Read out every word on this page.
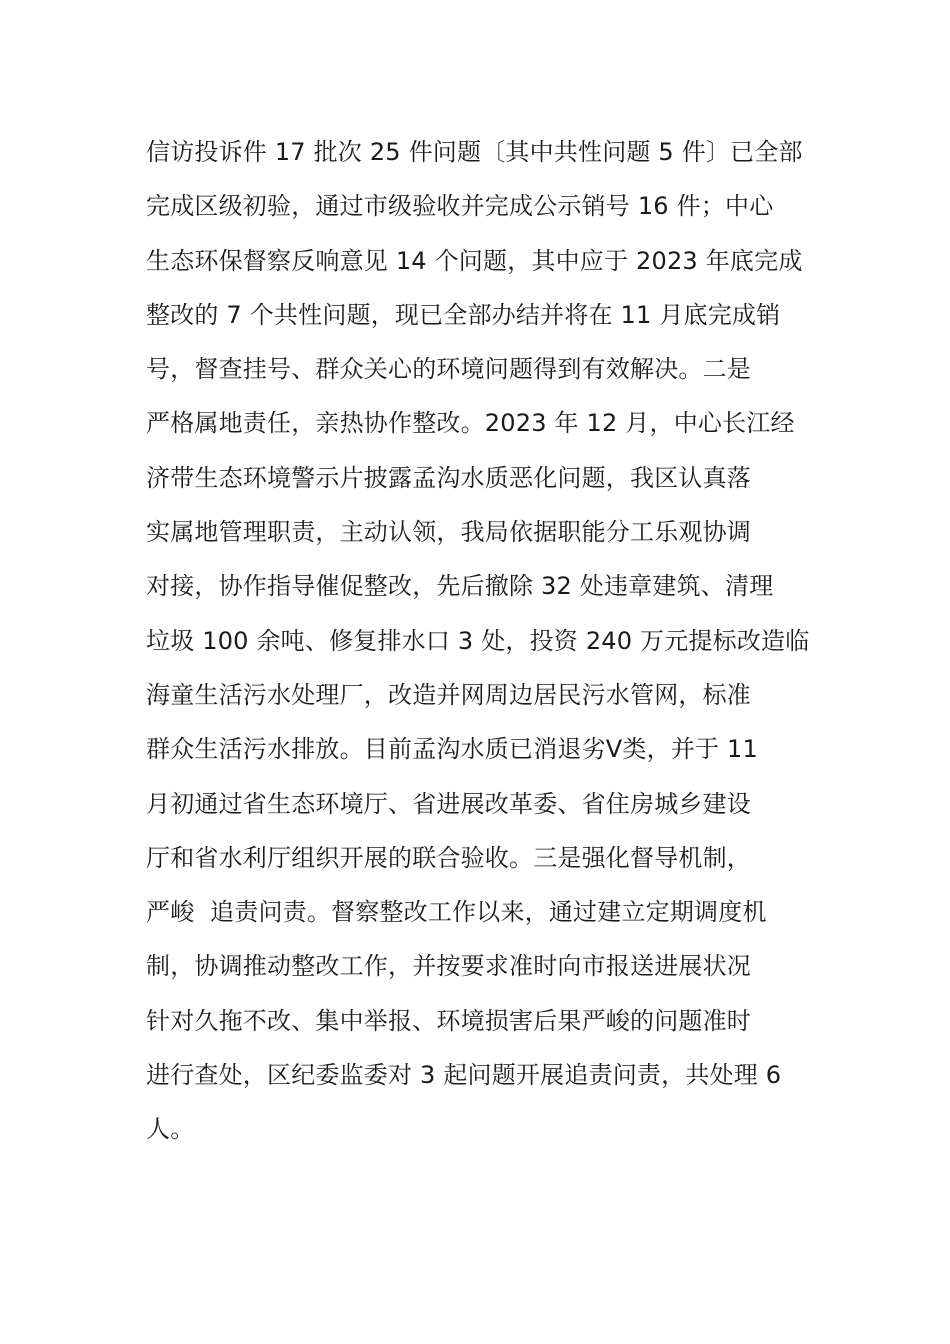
信访投诉件 17 批次 25 件问题〔其中共性问题 5 件〕已全部
完成区级初验，通过市级验收并完成公示销号 16 件；中心
生态环保督察反响意见 14 个问题，其中应于 2023 年底完成
整改的 7 个共性问题，现已全部办结并将在 11 月底完成销
号，督查挂号、群众关心的环境问题得到有效解决。二是
严格属地责任，亲热协作整改。2023 年 12 月，中心长江经
济带生态环境警示片披露孟沟水质恶化问题，我区认真落
实属地管理职责，主动认领，我局依据职能分工乐观协调
对接，协作指导催促整改，先后撤除 32 处违章建筑、清理
垃圾 100 余吨、修复排水口 3 处，投资 240 万元提标改造临
海童生活污水处理厂，改造并网周边居民污水管网，标准
群众生活污水排放。目前孟沟水质已消退劣Ⅴ类，并于 11
月初通过省生态环境厅、省进展改革委、省住房城乡建设
厅和省水利厅组织开展的联合验收。三是强化督导机制，
严峻  追责问责。督察整改工作以来，通过建立定期调度机
制，协调推动整改工作，并按要求准时向市报送进展状况
针对久拖不改、集中举报、环境损害后果严峻的问题准时
进行查处，区纪委监委对 3 起问题开展追责问责，共处理 6
人。
